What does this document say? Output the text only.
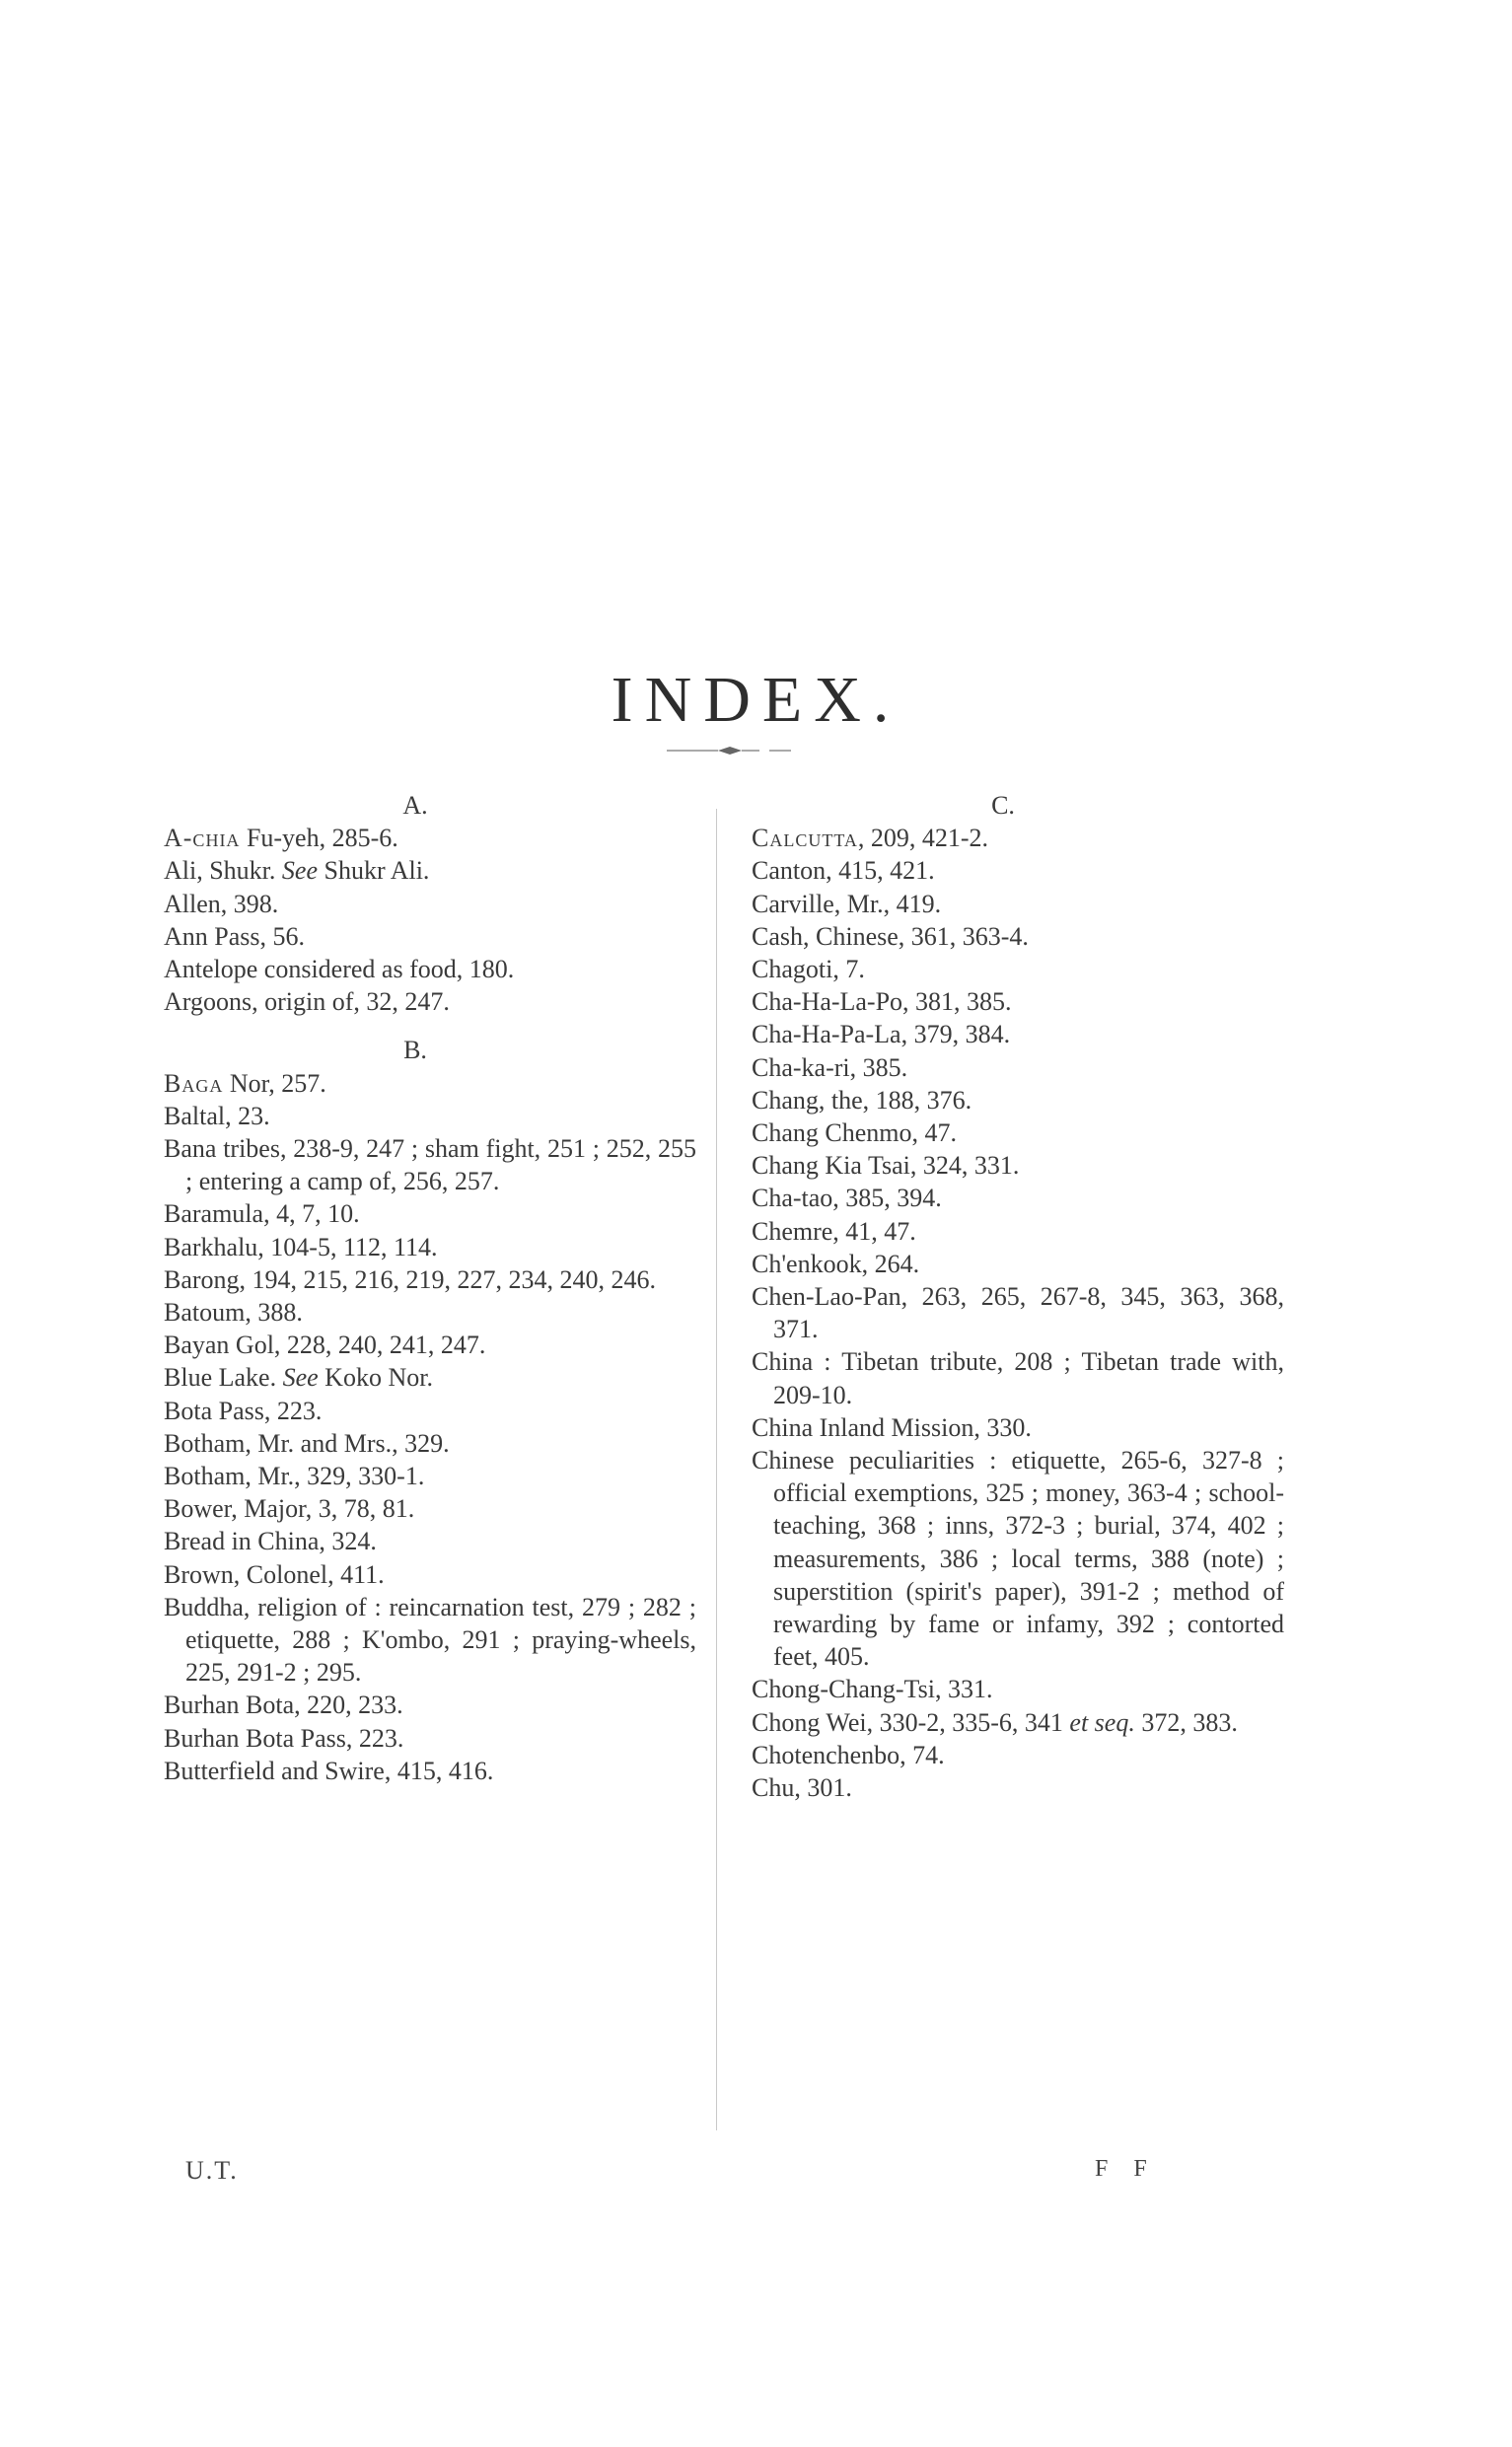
INDEX.

A.

A-chia Fu-yeh, 285-6.

Ali, Shukr. See Shukr Ali.

Allen, 398.

Ann Pass, 56.

Antelope considered as food, 180.

Argoons, origin of, 32, 247.

B.

Baga Nor, 257.

Baltal, 23.

Bana tribes, 238-9, 247 ; sham fight, 251 ; 252, 255 ; entering a camp of, 256, 257.

Baramula, 4, 7, 10.

Barkhalu, 104-5, 112, 114.

Barong, 194, 215, 216, 219, 227, 234, 240, 246.

Batoum, 388.

Bayan Gol, 228, 240, 241, 247.

Blue Lake. See Koko Nor.

Bota Pass, 223.

Botham, Mr. and Mrs., 329.

Botham, Mr., 329, 330-1.

Bower, Major, 3, 78, 81.

Bread in China, 324.

Brown, Colonel, 411.

Buddha, religion of : reincarnation test, 279 ; 282 ; etiquette, 288 ; K'ombo, 291 ; praying-wheels, 225, 291-2 ; 295.

Burhan Bota, 220, 233.

Burhan Bota Pass, 223.

Butterfield and Swire, 415, 416.

C.

Calcutta, 209, 421-2.

Canton, 415, 421.

Carville, Mr., 419.

Cash, Chinese, 361, 363-4.

Chagoti, 7.

Cha-Ha-La-Po, 381, 385.

Cha-Ha-Pa-La, 379, 384.

Cha-ka-ri, 385.

Chang, the, 188, 376.

Chang Chenmo, 47.

Chang Kia Tsai, 324, 331.

Cha-tao, 385, 394.

Chemre, 41, 47.

Ch'enkook, 264.

Chen-Lao-Pan, 263, 265, 267-8, 345, 363, 368, 371.

China : Tibetan tribute, 208 ; Tibetan trade with, 209-10.

China Inland Mission, 330.

Chinese peculiarities : etiquette, 265-6, 327-8 ; official exemptions, 325 ; money, 363-4 ; school-teaching, 368 ; inns, 372-3 ; burial, 374, 402 ; measurements, 386 ; local terms, 388 (note) ; superstition (spirit's paper), 391-2 ; method of rewarding by fame or infamy, 392 ; contorted feet, 405.

Chong-Chang-Tsi, 331.

Chong Wei, 330-2, 335-6, 341 et seq. 372, 383.

Chotenchenbo, 74.

Chu, 301.

U.T.	F F
